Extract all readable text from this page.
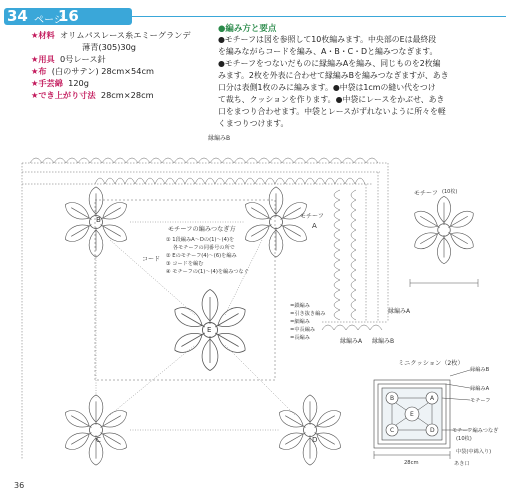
34 ページ
16
★材料 オリムパスレース糸エミーグランデ
薄青(305)30g
★用具 0号レース針
★布 (白のサテン) 28cm×54cm
★手芸綿 120g
★でき上がり寸法 28cm×28cm
●編み方と要点
●モチーフは図を参照して10枚編みます。中央部のEは最終段
を編みながらコードを編み、A・B・C・Dと編みつなぎます。
●モチーフをつないだものに縁編みAを編み、同じものを2枚編
みます。2枚を外表に合わせて縁編みBを編みつなぎますが、あき
口分は表側1枚のみに編みます。●中袋は1cmの縫い代をつけ
て裁ち、クッションを作ります。●中袋にレースをかぶせ、あき
口をまつり合わせます。中袋とレースがずれないように所々を軽
くまつりつけます。
縁編みB
B
A
モチーフ
E
C	D
コード
モチーフの編みつなぎ方
① 1段編みA〜Dの(1)〜(4)を
　 各モチーフの同番号の所で
② Eのモチーフ(4)〜(6)を編み
③ コードを編む
④ モチーフの(1)〜(4)を編みつなぐ
=鎖編み
=引き抜き編み
=細編み
=中長編み
=長編み	縁編みA 縁編みB
縁編みA
モチーフ (10枚)
ミニクッション（2枚）
縁編みB
縁編みA
モチーフ
モチーフ編みつなぎ
(10枚)
28cm
中袋(中綿入り)
あき口
B	A
E
C	D
36
